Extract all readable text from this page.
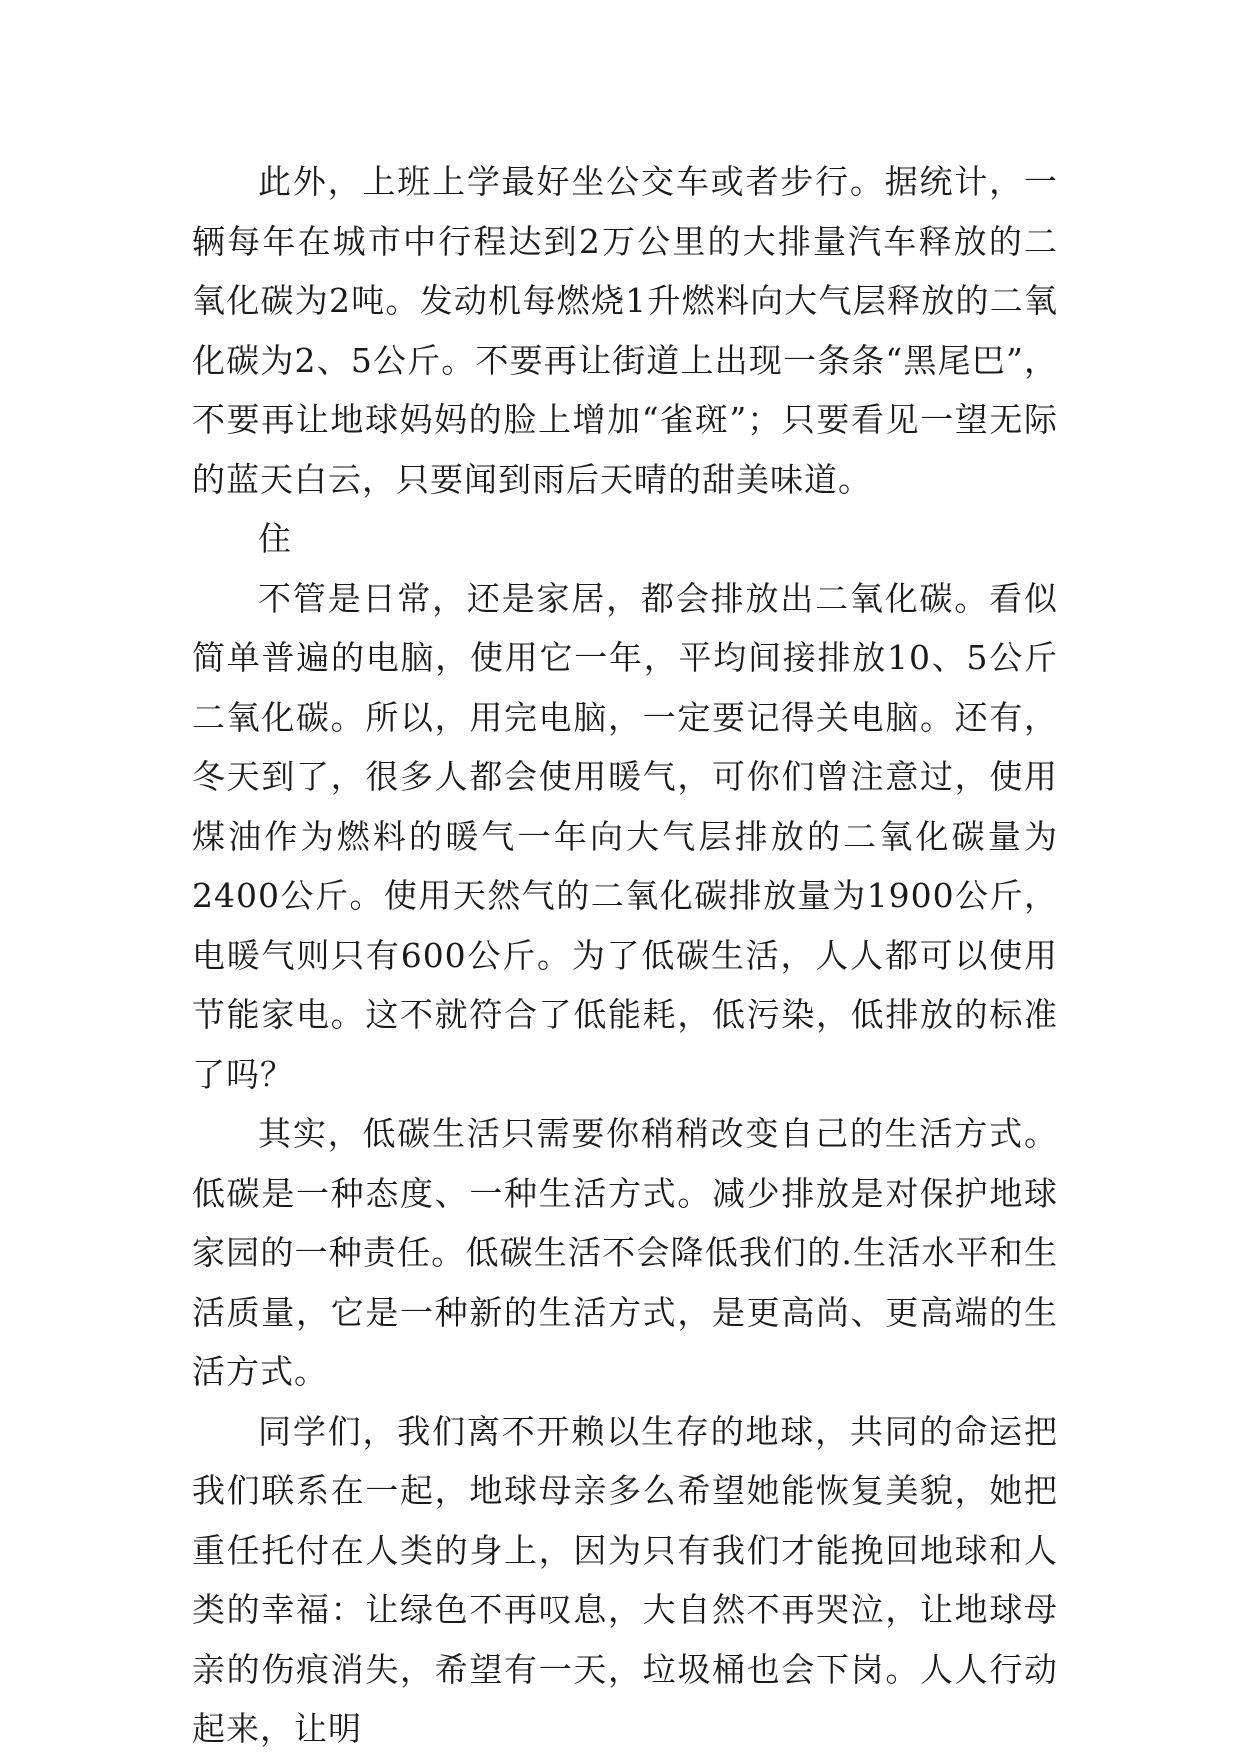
此外，上班上学最好坐公交车或者步行。据统计，一辆每年在城市中行程达到2万公里的大排量汽车释放的二氧化碳为2吨。发动机每燃烧1升燃料向大气层释放的二氧化碳为2、5公斤。不要再让街道上出现一条条“黑尾巴”，不要再让地球妈妈的脸上增加“雀斑”；只要看见一望无际的蓝天白云，只要闻到雨后天晴的甜美味道。

住

不管是日常，还是家居，都会排放出二氧化碳。看似简单普遍的电脑，使用它一年，平均间接排放10、5公斤二氧化碳。所以，用完电脑，一定要记得关电脑。还有，冬天到了，很多人都会使用暖气，可你们曾注意过，使用煤油作为燃料的暖气一年向大气层排放的二氧化碳量为2400公斤。使用天然气的二氧化碳排放量为1900公斤，电暖气则只有600公斤。为了低碳生活，人人都可以使用节能家电。这不就符合了低能耗，低污染，低排放的标准了吗？

其实，低碳生活只需要你稍稍改变自己的生活方式。低碳是一种态度、一种生活方式。减少排放是对保护地球家园的一种责任。低碳生活不会降低我们的.生活水平和生活质量，它是一种新的生活方式，是更高尚、更高端的生活方式。

同学们，我们离不开赖以生存的地球，共同的命运把我们联系在一起，地球母亲多么希望她能恢复美貌，她把重任托付在人类的身上，因为只有我们才能挽回地球和人类的幸福：让绿色不再叹息，大自然不再哭泣，让地球母亲的伤痕消失，希望有一天，垃圾桶也会下岗。人人行动起来，让明
